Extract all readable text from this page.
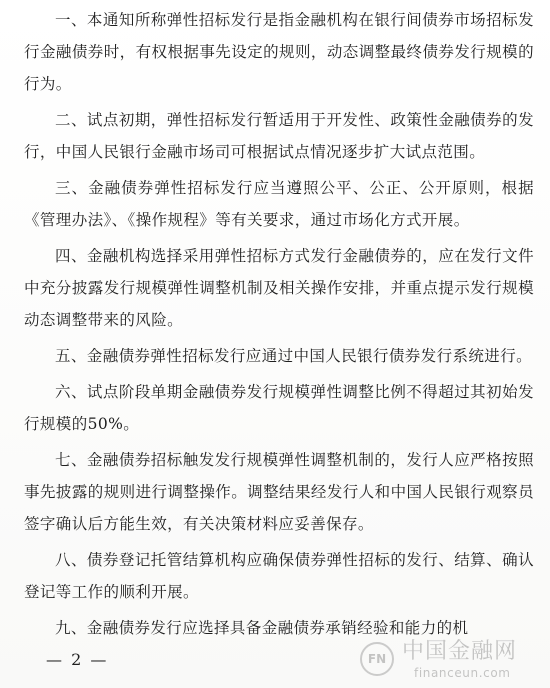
一、本通知所称弹性招标发行是指金融机构在银行间债券市场招标发行金融债券时，有权根据事先设定的规则，动态调整最终债券发行规模的行为。

二、试点初期，弹性招标发行暂适用于开发性、政策性金融债券的发行，中国人民银行金融市场司可根据试点情况逐步扩大试点范围。

三、金融债券弹性招标发行应当遵照公平、公正、公开原则，根据《管理办法》、《操作规程》等有关要求，通过市场化方式开展。

四、金融机构选择采用弹性招标方式发行金融债券的，应在发行文件中充分披露发行规模弹性调整机制及相关操作安排，并重点提示发行规模动态调整带来的风险。

五、金融债券弹性招标发行应通过中国人民银行债券发行系统进行。

六、试点阶段单期金融债券发行规模弹性调整比例不得超过其初始发行规模的50%。

七、金融债券招标触发发行规模弹性调整机制的，发行人应严格按照事先披露的规则进行调整操作。调整结果经发行人和中国人民银行观察员签字确认后方能生效，有关决策材料应妥善保存。

八、债券登记托管结算机构应确保债券弹性招标的发行、结算、确认登记等工作的顺利开展。

九、金融债券发行应选择具备金融债券承销经验和能力的机

— 2 —	FN 中国金融网
financeun.com
